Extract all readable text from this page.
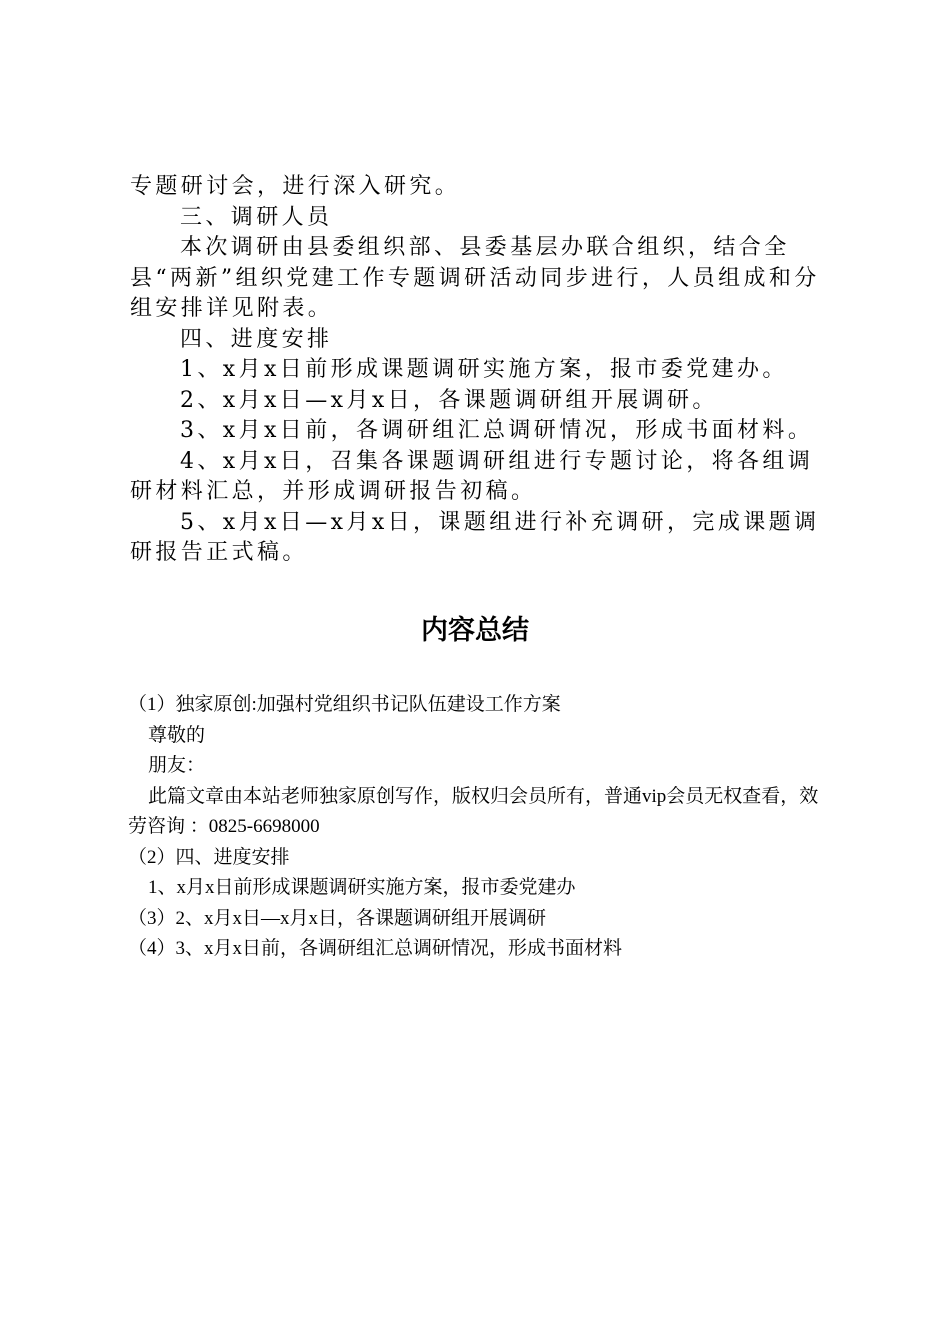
专题研讨会，进行深入研究。

三、调研人员

本次调研由县委组织部、县委基层办联合组织，结合全县“两新”组织党建工作专题调研活动同步进行，人员组成和分组安排详见附表。

四、进度安排

1、x月x日前形成课题调研实施方案，报市委党建办。

2、x月x日—x月x日，各课题调研组开展调研。

3、x月x日前，各调研组汇总调研情况，形成书面材料。

4、x月x日，召集各课题调研组进行专题讨论，将各组调研材料汇总，并形成调研报告初稿。

5、x月x日—x月x日，课题组进行补充调研，完成课题调研报告正式稿。

内容总结

（1）独家原创:加强村党组织书记队伍建设工作方案

尊敬的

朋友：

此篇文章由本站老师独家原创写作，版权归会员所有，普通vip会员无权查看，效劳咨询 ：0825-6698000

（2）四、进度安排

1、x月x日前形成课题调研实施方案，报市委党建办

（3）2、x月x日—x月x日，各课题调研组开展调研

（4）3、x月x日前，各调研组汇总调研情况，形成书面材料
